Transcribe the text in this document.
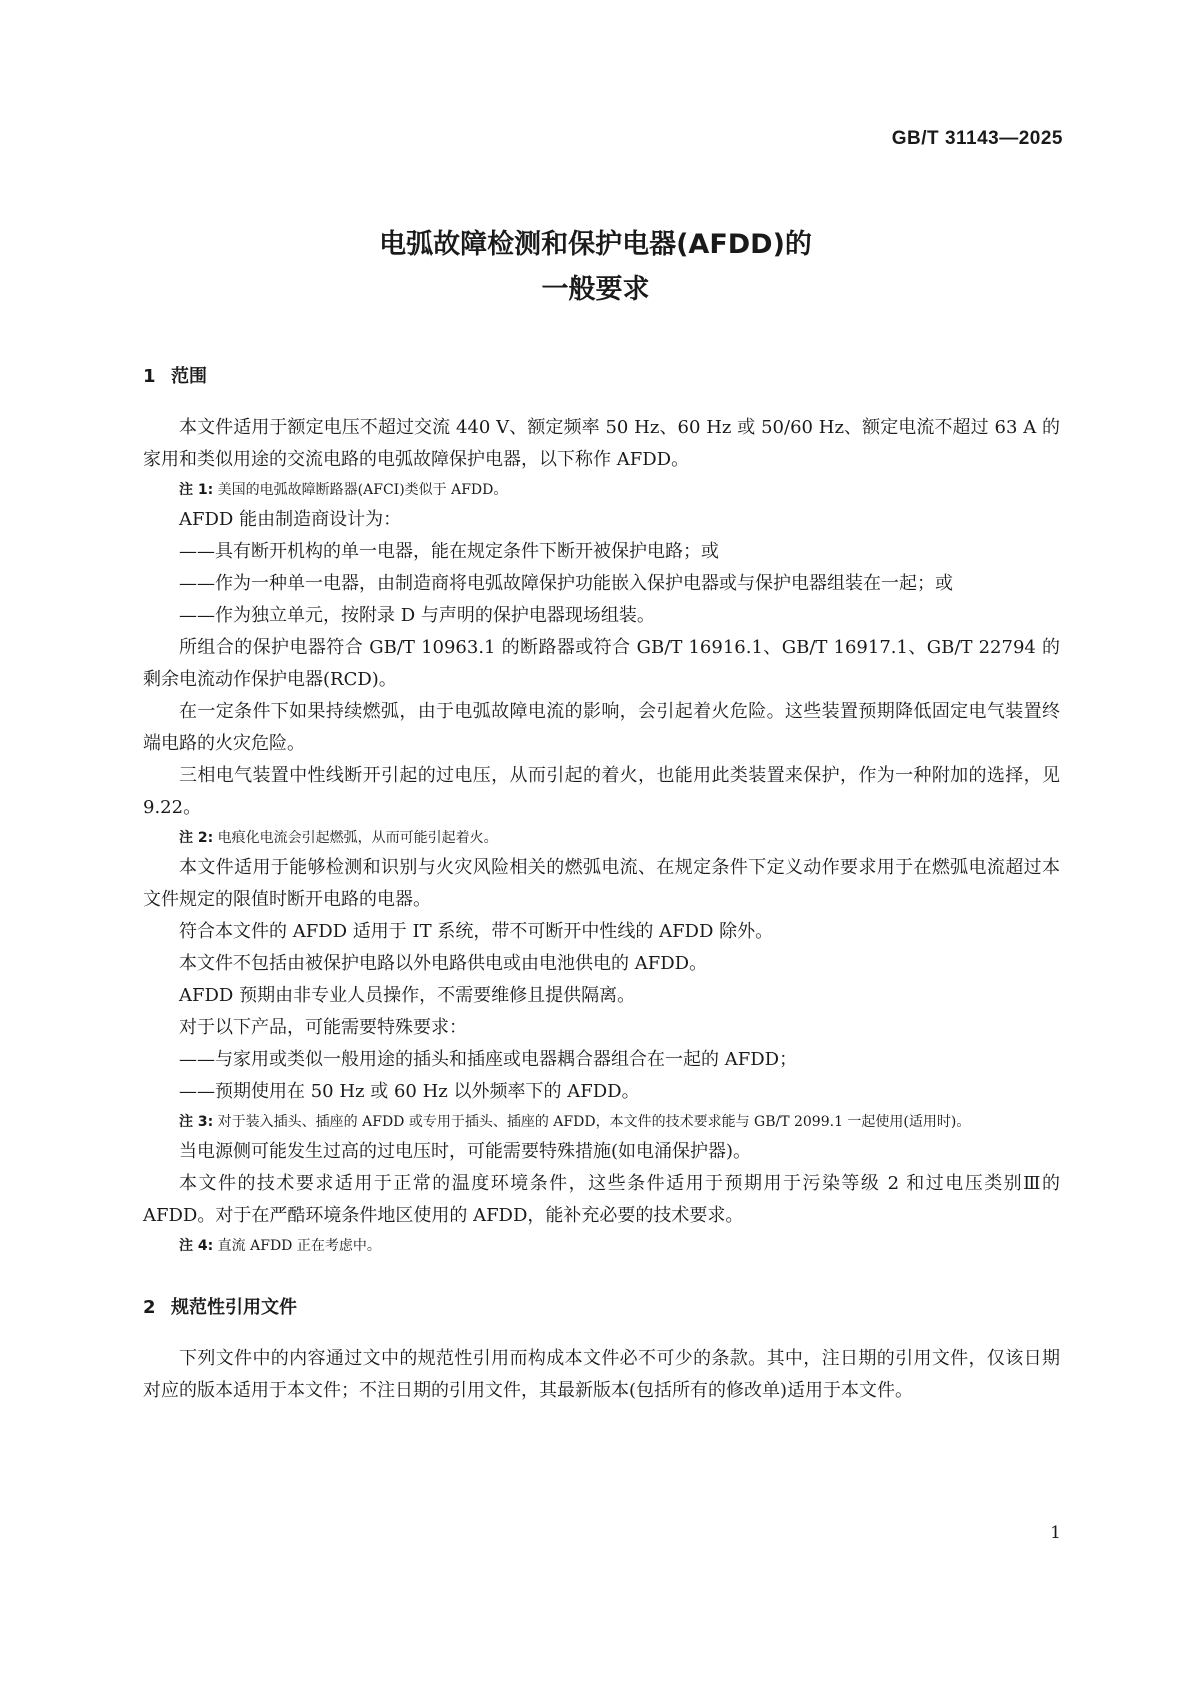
GB/T 31143—2025
电弧故障检测和保护电器(AFDD)的
一般要求
1 范围

本文件适用于额定电压不超过交流 440 V、额定频率 50 Hz、60 Hz 或 50/60 Hz、额定电流不超过 63 A 的家用和类似用途的交流电路的电弧故障保护电器，以下称作 AFDD。

注 1: 美国的电弧故障断路器(AFCI)类似于 AFDD。

AFDD 能由制造商设计为：

——具有断开机构的单一电器，能在规定条件下断开被保护电路；或

——作为一种单一电器，由制造商将电弧故障保护功能嵌入保护电器或与保护电器组装在一起；或

——作为独立单元，按附录 D 与声明的保护电器现场组装。

所组合的保护电器符合 GB/T 10963.1 的断路器或符合 GB/T 16916.1、GB/T 16917.1、GB/T 22794 的剩余电流动作保护电器(RCD)。

在一定条件下如果持续燃弧，由于电弧故障电流的影响，会引起着火危险。这些装置预期降低固定电气装置终端电路的火灾危险。

三相电气装置中性线断开引起的过电压，从而引起的着火，也能用此类装置来保护，作为一种附加的选择，见 9.22。

注 2: 电痕化电流会引起燃弧，从而可能引起着火。

本文件适用于能够检测和识别与火灾风险相关的燃弧电流、在规定条件下定义动作要求用于在燃弧电流超过本文件规定的限值时断开电路的电器。

符合本文件的 AFDD 适用于 IT 系统，带不可断开中性线的 AFDD 除外。

本文件不包括由被保护电路以外电路供电或由电池供电的 AFDD。

AFDD 预期由非专业人员操作，不需要维修且提供隔离。

对于以下产品，可能需要特殊要求：

——与家用或类似一般用途的插头和插座或电器耦合器组合在一起的 AFDD；

——预期使用在 50 Hz 或 60 Hz 以外频率下的 AFDD。

注 3: 对于装入插头、插座的 AFDD 或专用于插头、插座的 AFDD，本文件的技术要求能与 GB/T 2099.1 一起使用(适用时)。

当电源侧可能发生过高的过电压时，可能需要特殊措施(如电涌保护器)。

本文件的技术要求适用于正常的温度环境条件，这些条件适用于预期用于污染等级 2 和过电压类别Ⅲ的 AFDD。对于在严酷环境条件地区使用的 AFDD，能补充必要的技术要求。

注 4: 直流 AFDD 正在考虑中。

2 规范性引用文件

下列文件中的内容通过文中的规范性引用而构成本文件必不可少的条款。其中，注日期的引用文件，仅该日期对应的版本适用于本文件；不注日期的引用文件，其最新版本(包括所有的修改单)适用于本文件。

1
